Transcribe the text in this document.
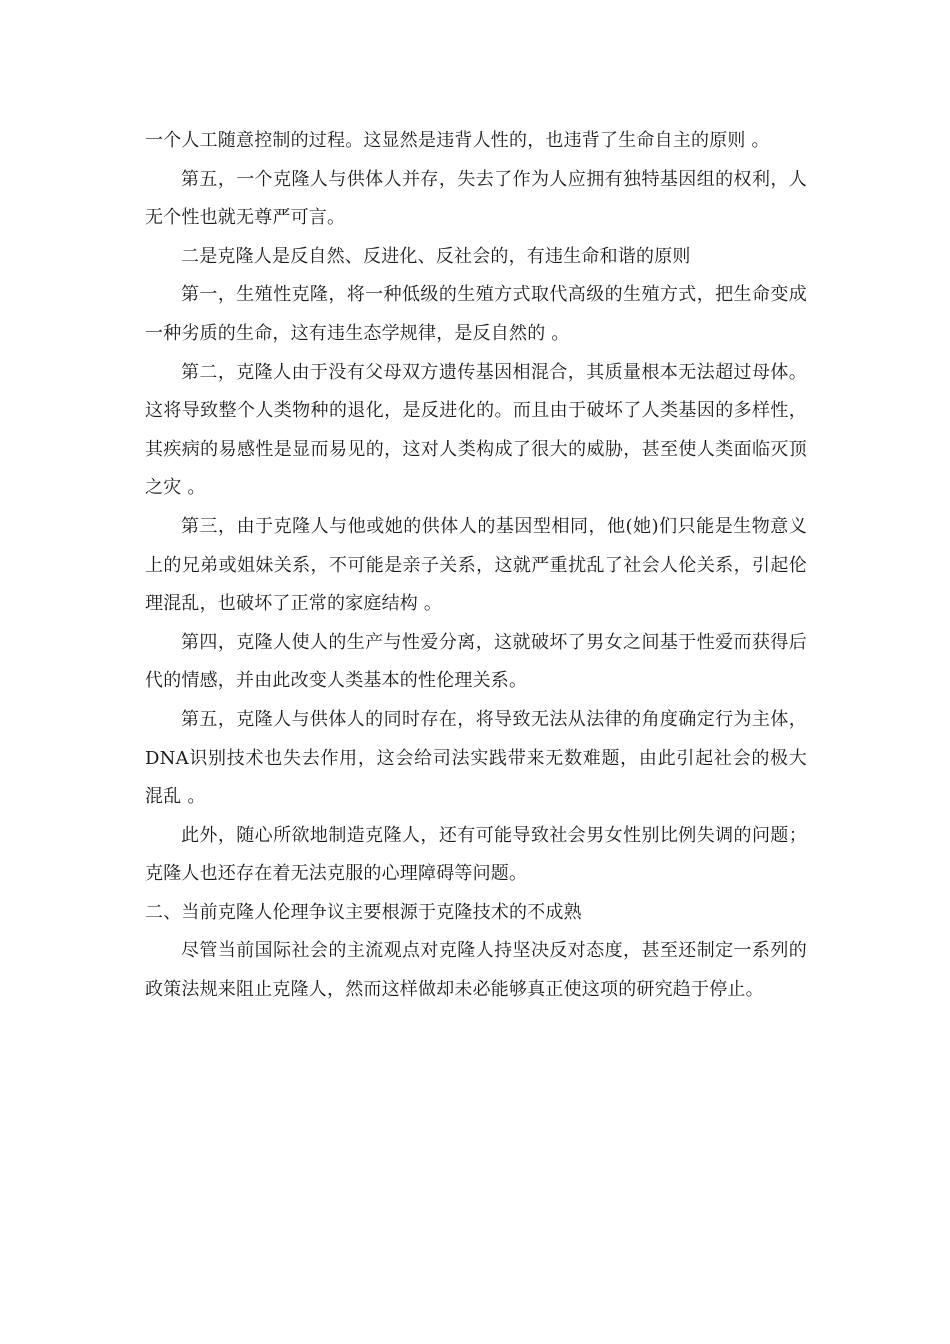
一个人工随意控制的过程。这显然是违背人性的，也违背了生命自主的原则 。

第五，一个克隆人与供体人并存，失去了作为人应拥有独特基因组的权利，人无个性也就无尊严可言。

二是克隆人是反自然、反进化、反社会的，有违生命和谐的原则

第一，生殖性克隆，将一种低级的生殖方式取代高级的生殖方式，把生命变成一种劣质的生命，这有违生态学规律，是反自然的 。

第二，克隆人由于没有父母双方遗传基因相混合，其质量根本无法超过母体。这将导致整个人类物种的退化，是反进化的。而且由于破坏了人类基因的多样性，其疾病的易感性是显而易见的，这对人类构成了很大的威胁，甚至使人类面临灭顶之灾 。

第三，由于克隆人与他或她的供体人的基因型相同，他(她)们只能是生物意义上的兄弟或姐妹关系，不可能是亲子关系，这就严重扰乱了社会人伦关系，引起伦理混乱，也破坏了正常的家庭结构 。

第四，克隆人使人的生产与性爱分离，这就破坏了男女之间基于性爱而获得后代的情感，并由此改变人类基本的性伦理关系。

第五，克隆人与供体人的同时存在，将导致无法从法律的角度确定行为主体，DNA识别技术也失去作用，这会给司法实践带来无数难题，由此引起社会的极大混乱 。

此外，随心所欲地制造克隆人，还有可能导致社会男女性别比例失调的问题；克隆人也还存在着无法克服的心理障碍等问题。

二、当前克隆人伦理争议主要根源于克隆技术的不成熟

尽管当前国际社会的主流观点对克隆人持坚决反对态度，甚至还制定一系列的政策法规来阻止克隆人，然而这样做却未必能够真正使这项的研究趋于停止。
